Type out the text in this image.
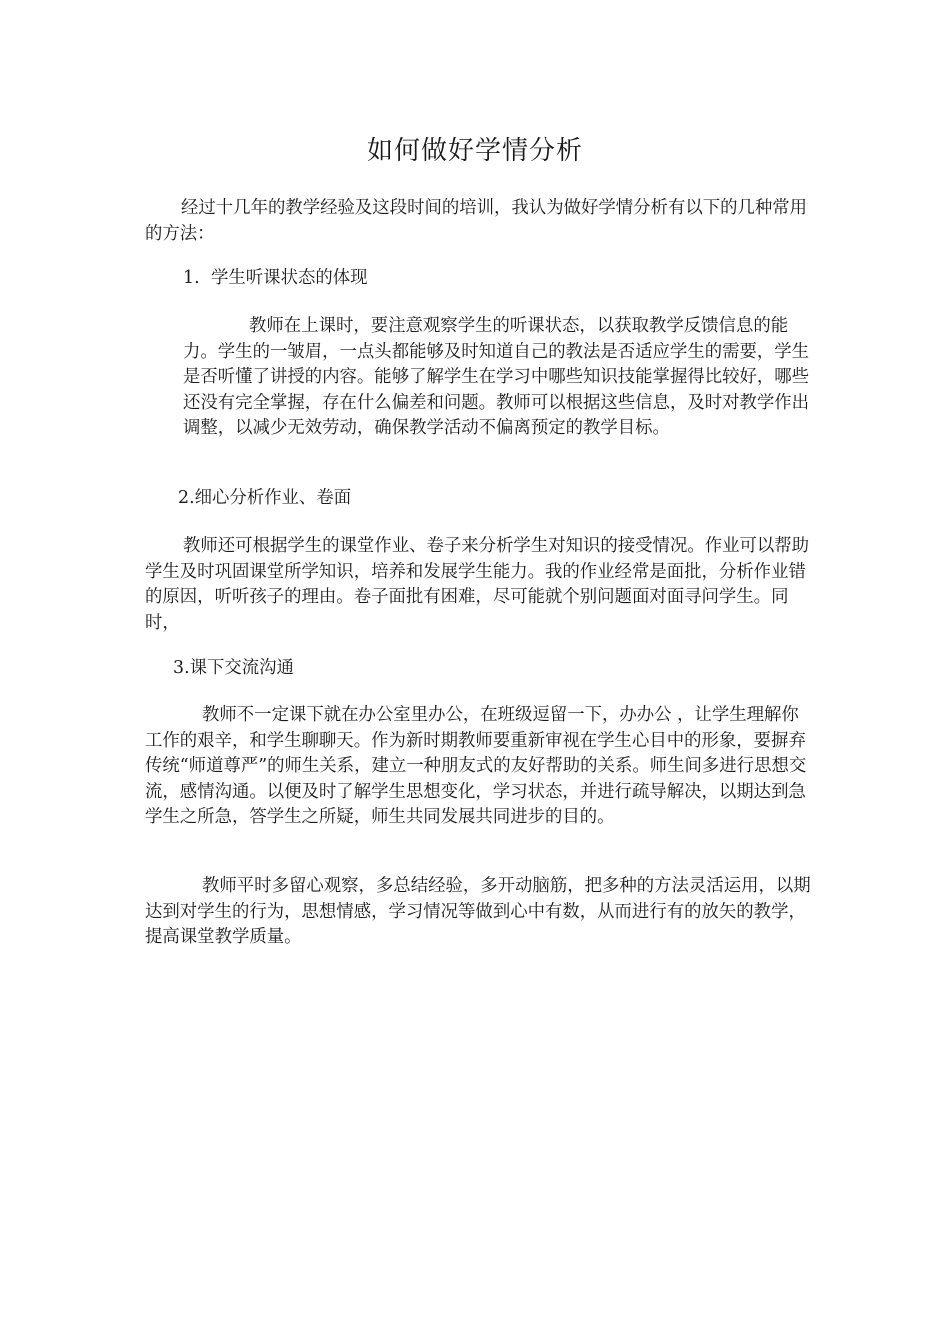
如何做好学情分析

经过十几年的教学经验及这段时间的培训，我认为做好学情分析有以下的几种常用的方法：

1. 学生听课状态的体现

教师在上课时，要注意观察学生的听课状态，以获取教学反馈信息的能力。学生的一皱眉，一点头都能够及时知道自己的教法是否适应学生的需要，学生是否听懂了讲授的内容。能够了解学生在学习中哪些知识技能掌握得比较好，哪些还没有完全掌握，存在什么偏差和问题。教师可以根据这些信息，及时对教学作出调整，以减少无效劳动，确保教学活动不偏离预定的教学目标。

2.细心分析作业、卷面

教师还可根据学生的课堂作业、卷子来分析学生对知识的接受情况。作业可以帮助学生及时巩固课堂所学知识，培养和发展学生能力。我的作业经常是面批，分析作业错的原因，听听孩子的理由。卷子面批有困难，尽可能就个别问题面对面寻问学生。同时，

3.课下交流沟通

教师不一定课下就在办公室里办公，在班级逗留一下，办办公 ，让学生理解你工作的艰辛，和学生聊聊天。作为新时期教师要重新审视在学生心目中的形象，要摒弃传统“师道尊严”的师生关系，建立一种朋友式的友好帮助的关系。师生间多进行思想交流，感情沟通。以便及时了解学生思想变化，学习状态，并进行疏导解决，以期达到急学生之所急，答学生之所疑，师生共同发展共同进步的目的。

教师平时多留心观察，多总结经验，多开动脑筋，把多种的方法灵活运用，以期达到对学生的行为，思想情感，学习情况等做到心中有数，从而进行有的放矢的教学，提高课堂教学质量。
